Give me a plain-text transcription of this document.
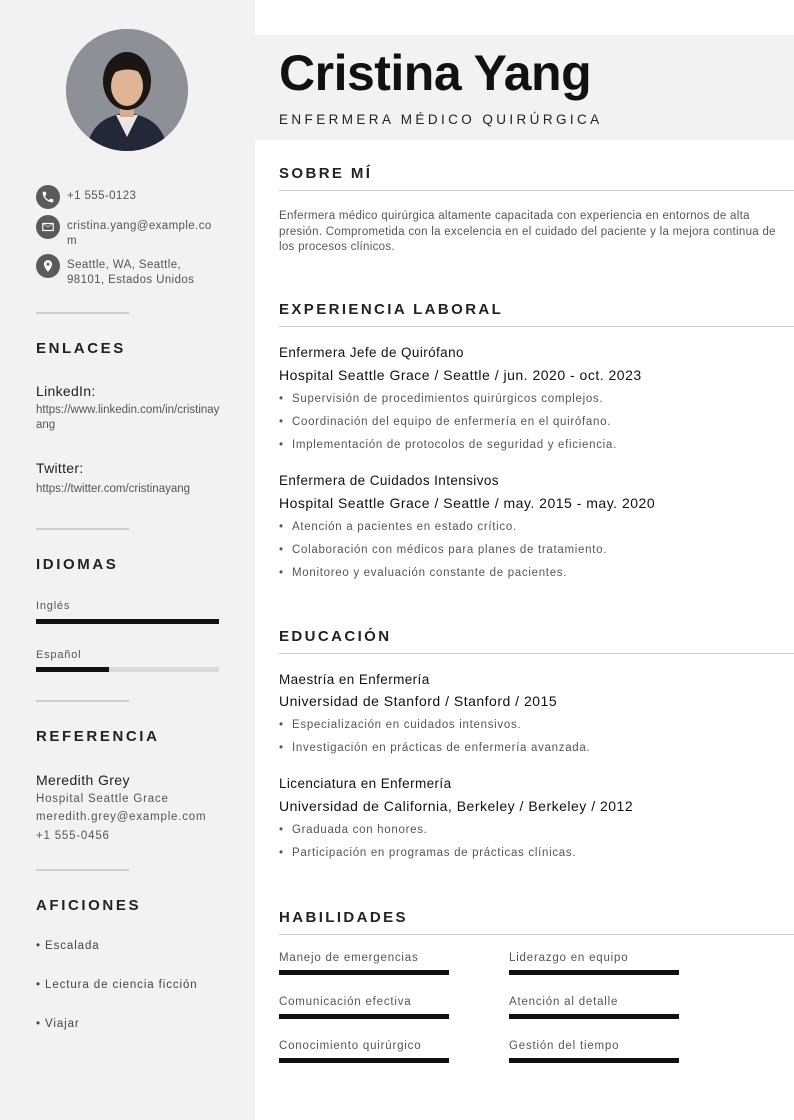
+1 555-0123
cristina.yang@example.com
Seattle, WA, Seattle, 98101, Estados Unidos
ENLACES
LinkedIn:
https://www.linkedin.com/in/cristinayang
Twitter:
https://twitter.com/cristinayang
IDIOMAS
Inglés
Español
REFERENCIA
Meredith Grey
Hospital Seattle Grace
meredith.grey@example.com
+1 555-0456
AFICIONES
• Escalada
• Lectura de ciencia ficción
• Viajar
Cristina Yang
ENFERMERA MÉDICO QUIRÚRGICA
SOBRE MÍ
Enfermera médico quirúrgica altamente capacitada con experiencia en entornos de alta presión. Comprometida con la excelencia en el cuidado del paciente y la mejora continua de los procesos clínicos.
EXPERIENCIA LABORAL
Enfermera Jefe de Quirófano
Hospital Seattle Grace / Seattle / jun. 2020 - oct. 2023
• Supervisión de procedimientos quirúrgicos complejos.
• Coordinación del equipo de enfermería en el quirófano.
• Implementación de protocolos de seguridad y eficiencia.
Enfermera de Cuidados Intensivos
Hospital Seattle Grace / Seattle / may. 2015 - may. 2020
• Atención a pacientes en estado crítico.
• Colaboración con médicos para planes de tratamiento.
• Monitoreo y evaluación constante de pacientes.
EDUCACIÓN
Maestría en Enfermería
Universidad de Stanford / Stanford / 2015
• Especialización en cuidados intensivos.
• Investigación en prácticas de enfermería avanzada.
Licenciatura en Enfermería
Universidad de California, Berkeley / Berkeley / 2012
• Graduada con honores.
• Participación en programas de prácticas clínicas.
HABILIDADES
Manejo de emergencias	Liderazgo en equipo
Comunicación efectiva	Atención al detalle
Conocimiento quirúrgico	Gestión del tiempo
